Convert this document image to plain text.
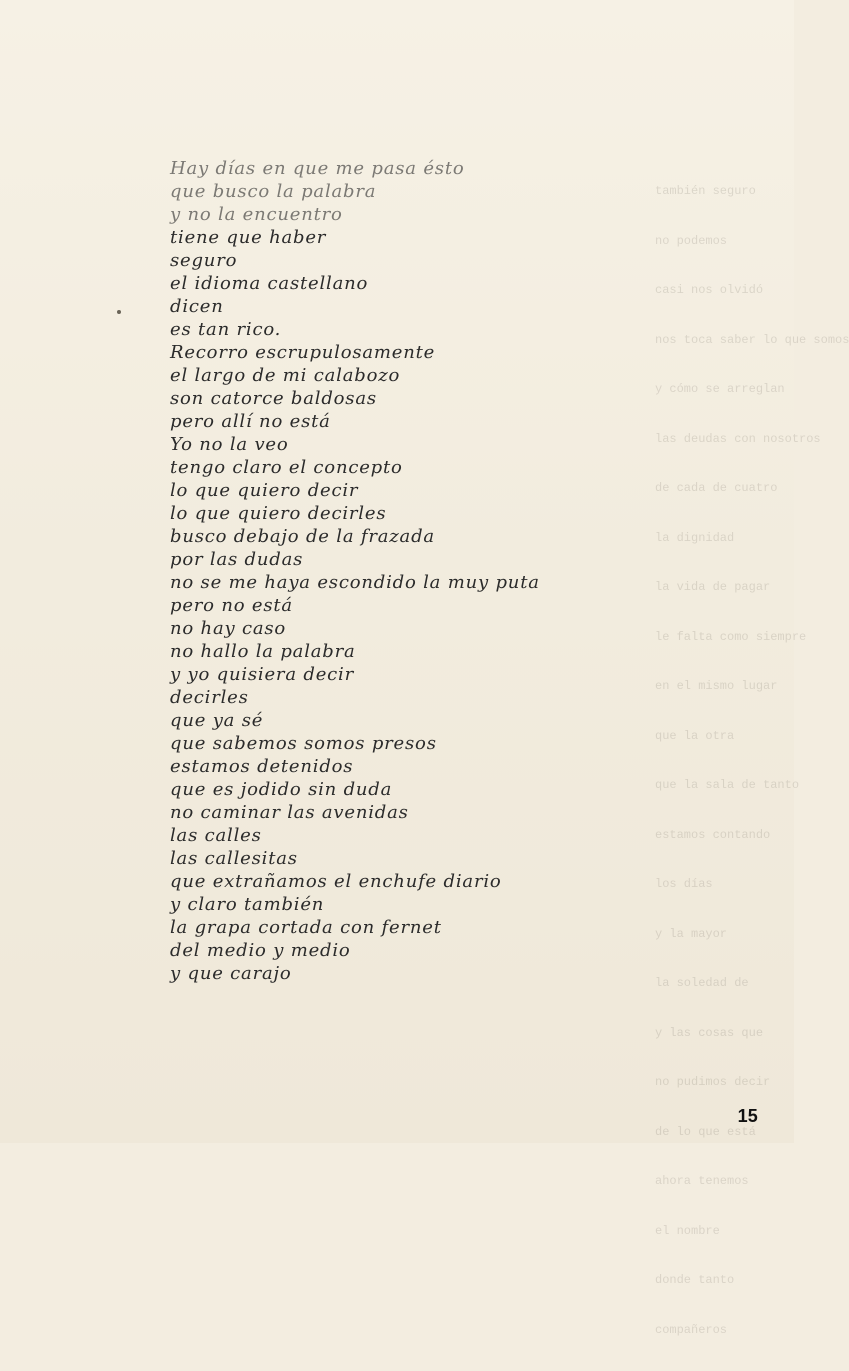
también seguro

no podemos

casi nos olvidó

nos toca saber lo que somos

y cómo se arreglan

las deudas con nosotros

de cada de cuatro

la dignidad

la vida de pagar

le falta como siempre

en el mismo lugar

que la otra

que la sala de tanto

estamos contando

los días

y la mayor

la soledad de

y las cosas que

no pudimos decir

de lo que está

ahora tenemos

el nombre

donde tanto

compañeros

Hay días en que me pasa ésto
que busco la palabra
y no la encuentro
tiene que haber
seguro
el idioma castellano
dicen
es tan rico.
Recorro escrupulosamente
el largo de mi calabozo
son catorce baldosas
pero allí no está
Yo no la veo
tengo claro el concepto
lo que quiero decir
lo que quiero decirles
busco debajo de la frazada
por las dudas
no se me haya escondido la muy puta
pero no está
no hay caso
no hallo la palabra
y yo quisiera decir
decirles
que ya sé
que sabemos somos presos
estamos detenidos
que es jodido sin duda
no caminar las avenidas
las calles
las callesitas
que extrañamos el enchufe diario
y claro también
la grapa cortada con fernet
del medio y medio
y que carajo
15
